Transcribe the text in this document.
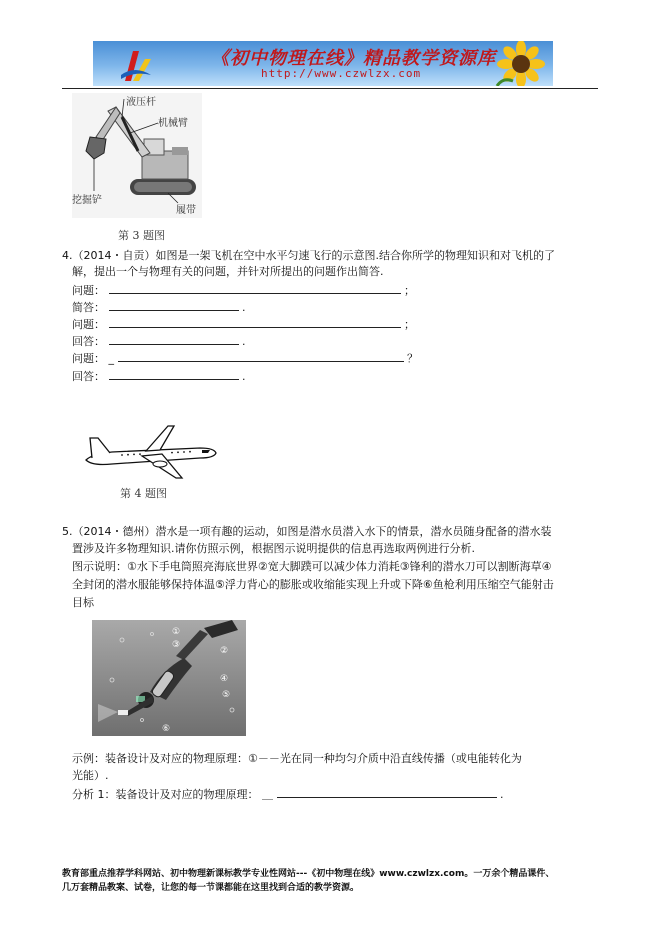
《初中物理在线》精品教学资源库
http://www.czwlzx.com
液压杆
机械臂
挖掘铲
履带
第 3 题图
4.（2014・自贡）如图是一架飞机在空中水平匀速飞行的示意图.结合你所学的物理知识和对飞机的了
解，提出一个与物理有关的问题，并针对所提出的问题作出简答.
问题：	；
简答：	.
问题：	；
回答：	.
问题： _	？
回答：	.
第 4 题图
5.（2014・德州）潜水是一项有趣的运动，如图是潜水员潜入水下的情景，潜水员随身配备的潜水装
置涉及许多物理知识.请你仿照示例，根据图示说明提供的信息再选取两例进行分析.
图示说明：①水下手电筒照亮海底世界②宽大脚蹼可以减少体力消耗③锋利的潜水刀可以割断海草④
全封闭的潜水服能够保持体温⑤浮力背心的膨胀或收缩能实现上升或下降⑥鱼枪利用压缩空气能射击
目标
①
②
③
④
⑤
⑥
示例：装备设计及对应的物理原理：①－－光在同一种均匀介质中沿直线传播（或电能转化为
光能）.
分析 1：装备设计及对应的物理原理： ＿	.
教育部重点推荐学科网站、初中物理新课标教学专业性网站---《初中物理在线》www.czwlzx.com。一万余个精品课件、
几万套精品教案、试卷，让您的每一节课都能在这里找到合适的教学资源。
